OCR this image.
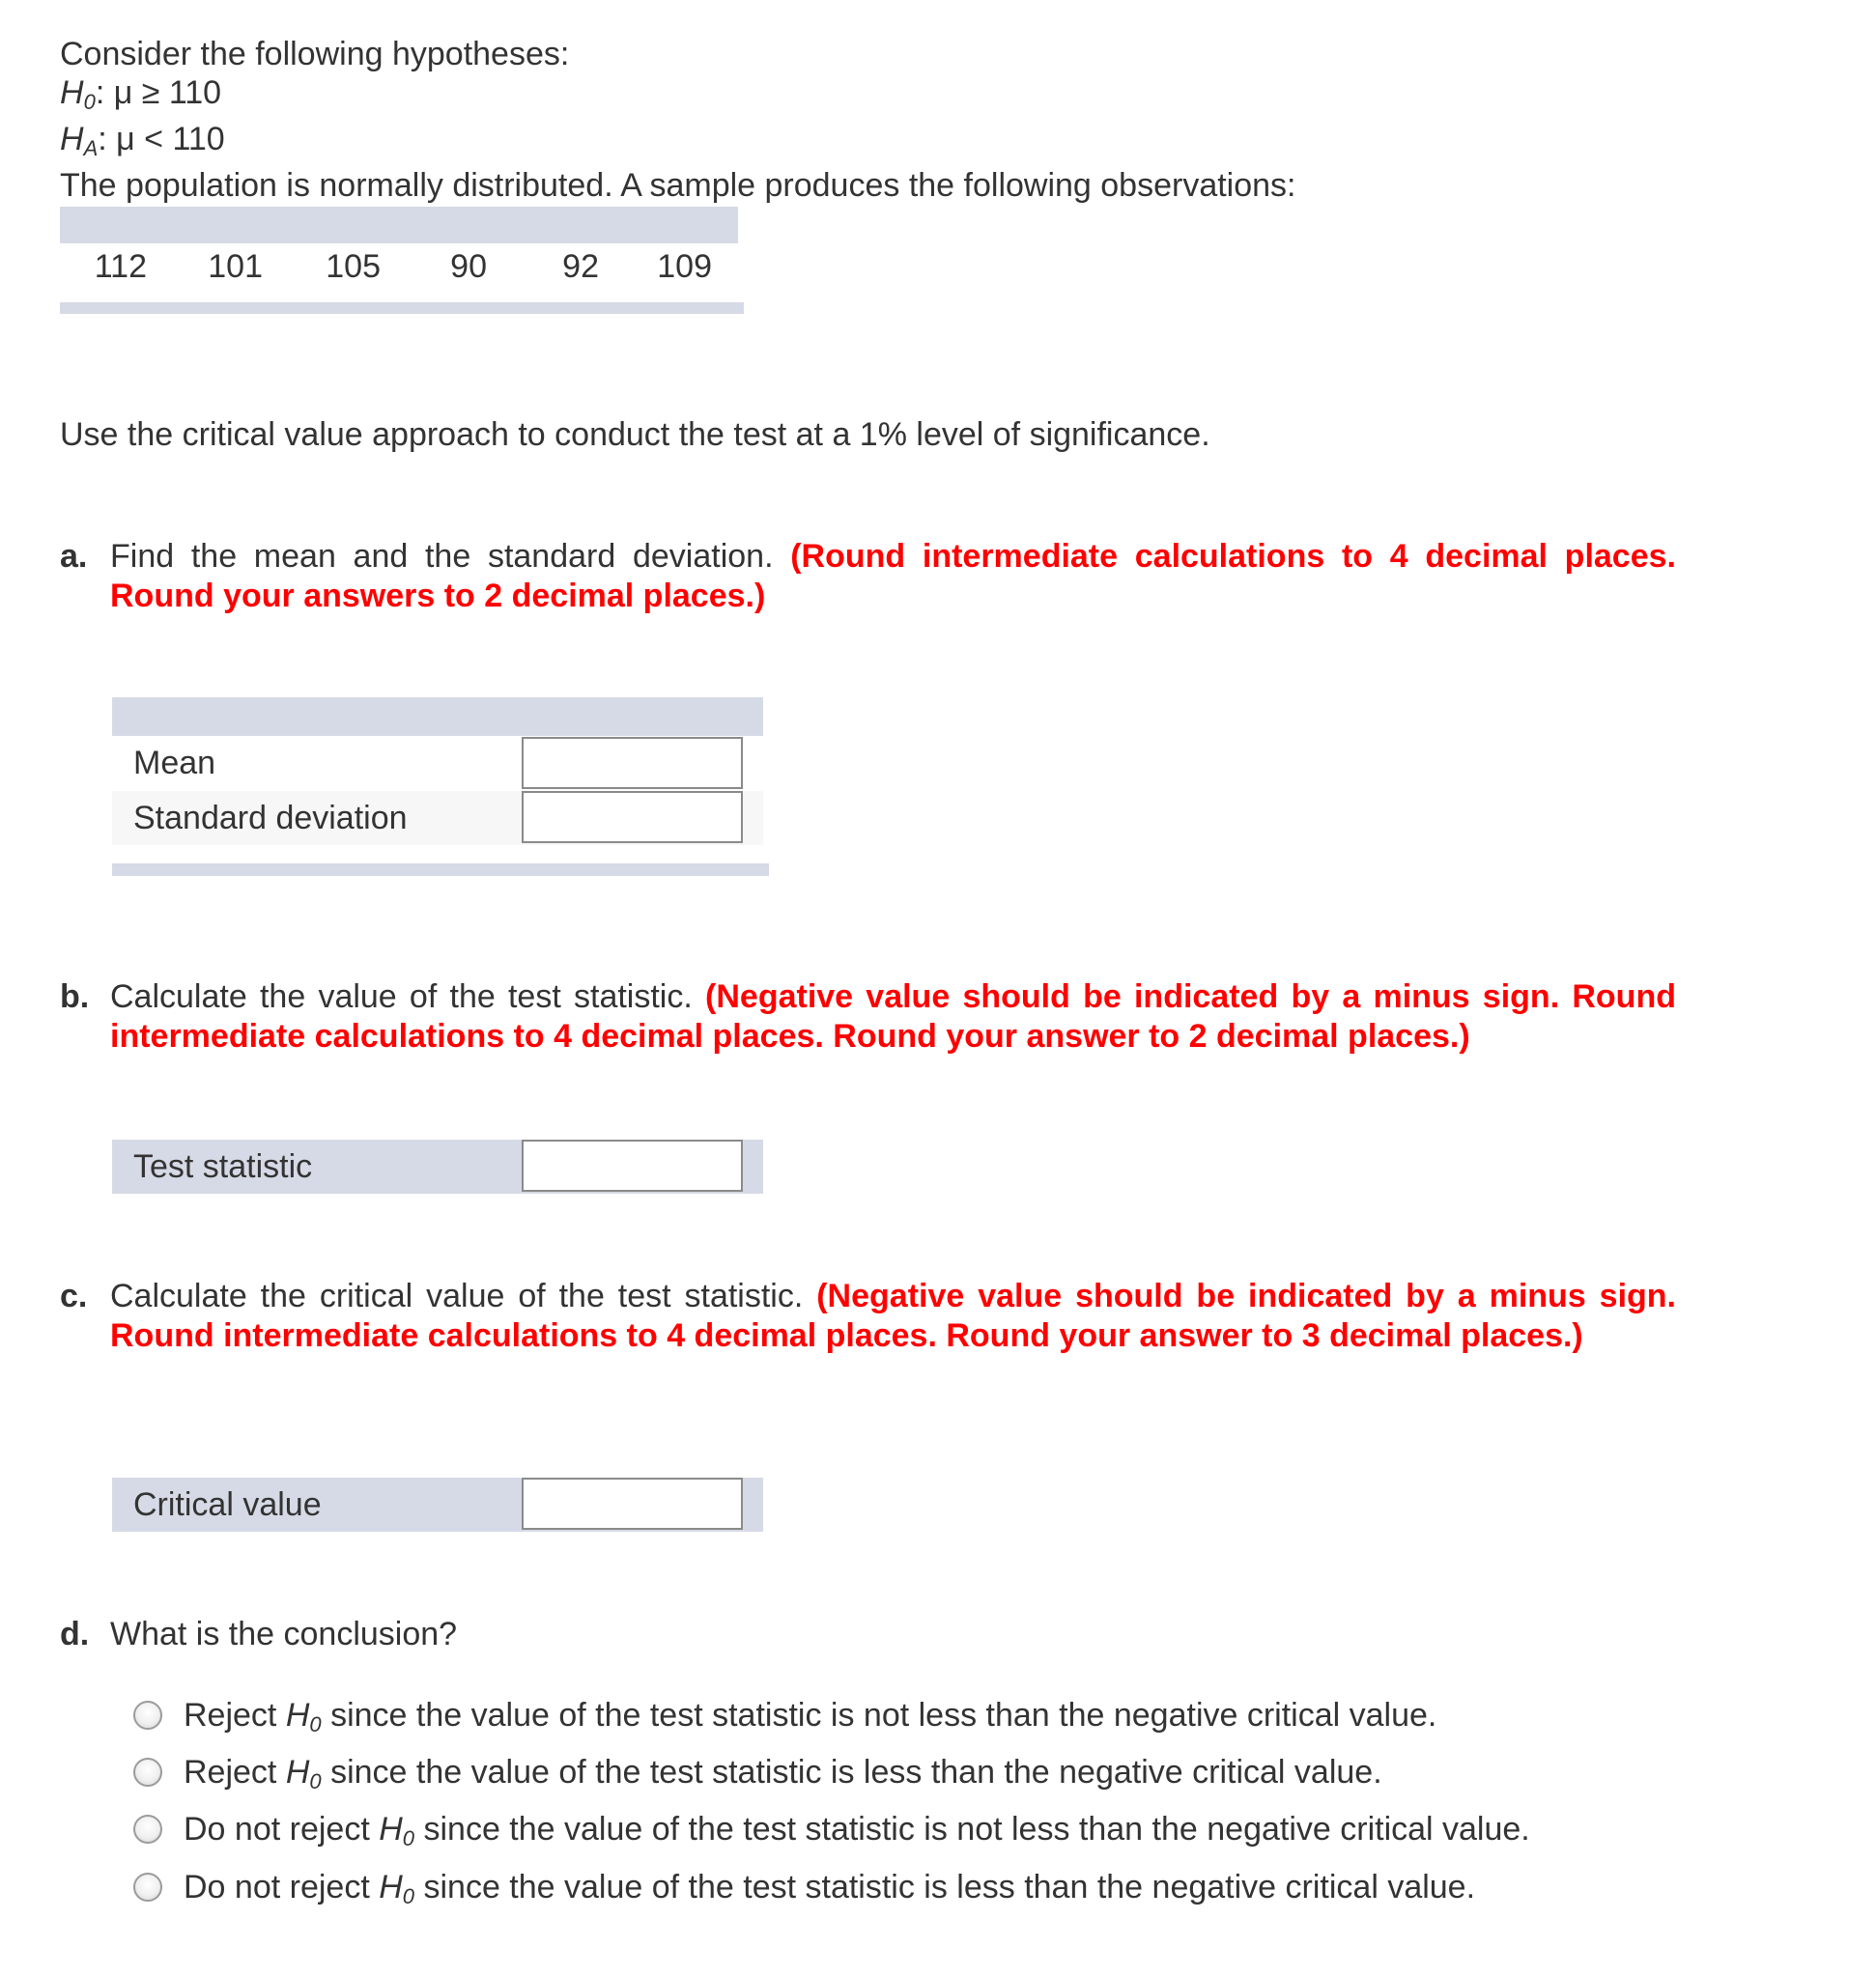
Consider the following hypotheses:
$H_0$: μ ≥ 110
$H_A$: μ < 110
The population is normally distributed. A sample produces the following observations:
112 101 105	90	92 109
Use the critical value approach to conduct the test at a 1% level of significance.
a. Find the mean and the standard deviation. (Round intermediate calculations to 4 decimal places. Round your answers to 2 decimal places.)
Mean
Standard deviation
b. Calculate the value of the test statistic. (Negative value should be indicated by a minus sign. Round intermediate calculations to 4 decimal places. Round your answer to 2 decimal places.)
Test statistic
c. Calculate the critical value of the test statistic. (Negative value should be indicated by a minus sign. Round intermediate calculations to 4 decimal places. Round your answer to 3 decimal places.)
Critical value
d. What is the conclusion?
Reject $H_0$ since the value of the test statistic is not less than the negative critical value.
Reject $H_0$ since the value of the test statistic is less than the negative critical value.
Do not reject $H_0$ since the value of the test statistic is not less than the negative critical value.
Do not reject $H_0$ since the value of the test statistic is less than the negative critical value.
